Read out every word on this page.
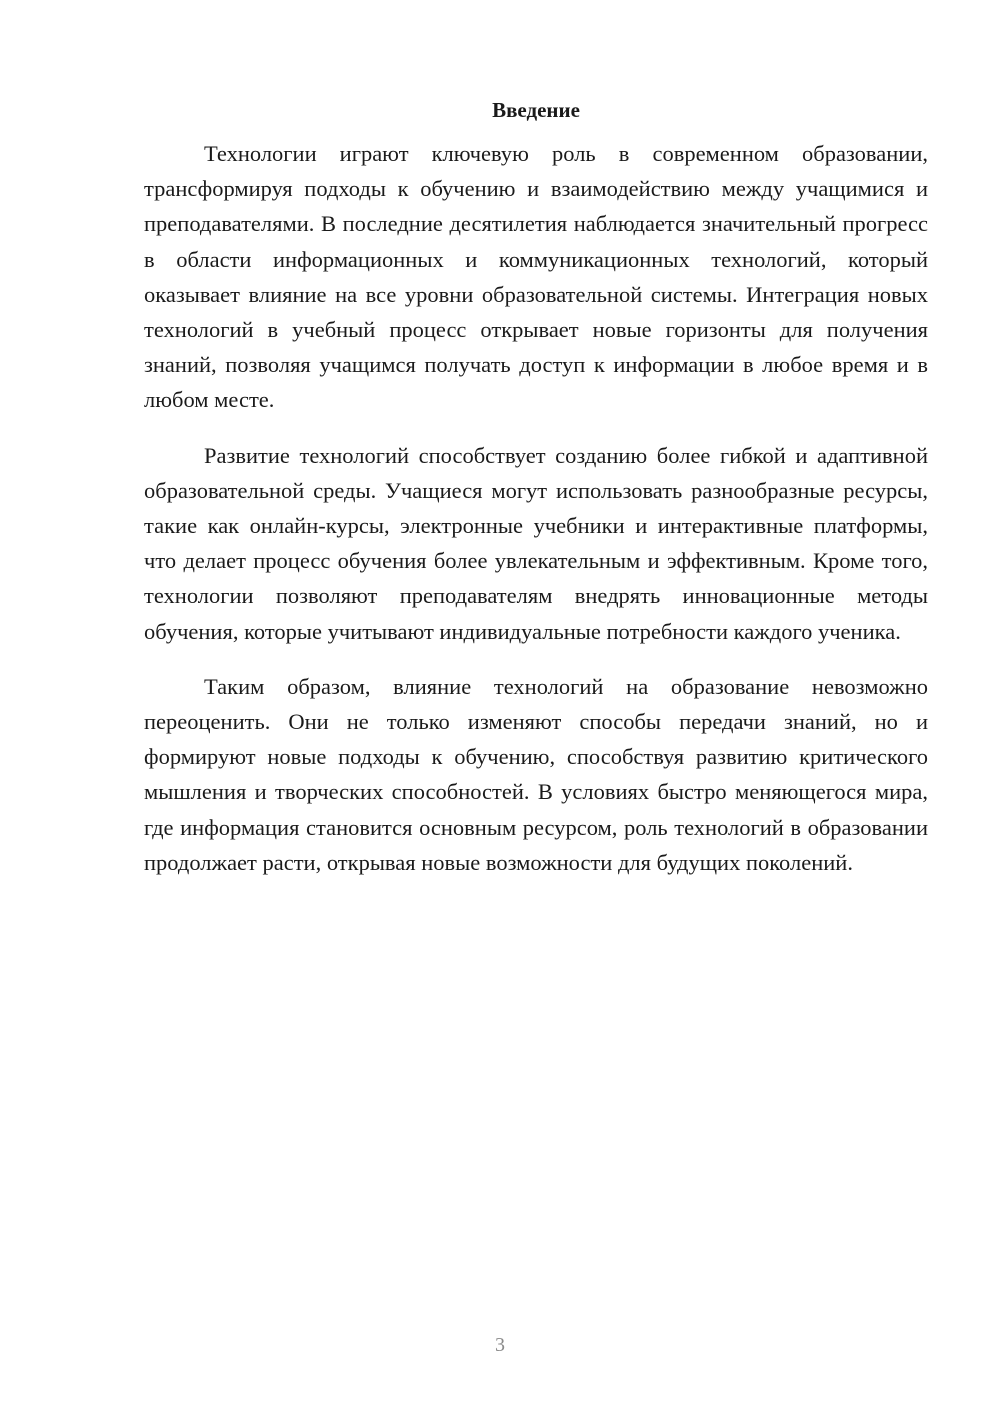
Введение

Технологии играют ключевую роль в современном образовании, трансформируя подходы к обучению и взаимодействию между учащимися и преподавателями. В последние десятилетия наблюдается значительный прогресс в области информационных и коммуникационных технологий, который оказывает влияние на все уровни образовательной системы. Интеграция новых технологий в учебный процесс открывает новые горизонты для получения знаний, позволяя учащимся получать доступ к информации в любое время и в любом месте.

Развитие технологий способствует созданию более гибкой и адаптивной образовательной среды. Учащиеся могут использовать разнообразные ресурсы, такие как онлайн-курсы, электронные учебники и интерактивные платформы, что делает процесс обучения более увлекательным и эффективным. Кроме того, технологии позволяют преподавателям внедрять инновационные методы обучения, которые учитывают индивидуальные потребности каждого ученика.

Таким образом, влияние технологий на образование невозможно переоценить. Они не только изменяют способы передачи знаний, но и формируют новые подходы к обучению, способствуя развитию критического мышления и творческих способностей. В условиях быстро меняющегося мира, где информация становится основным ресурсом, роль технологий в образовании продолжает расти, открывая новые возможности для будущих поколений.

3
